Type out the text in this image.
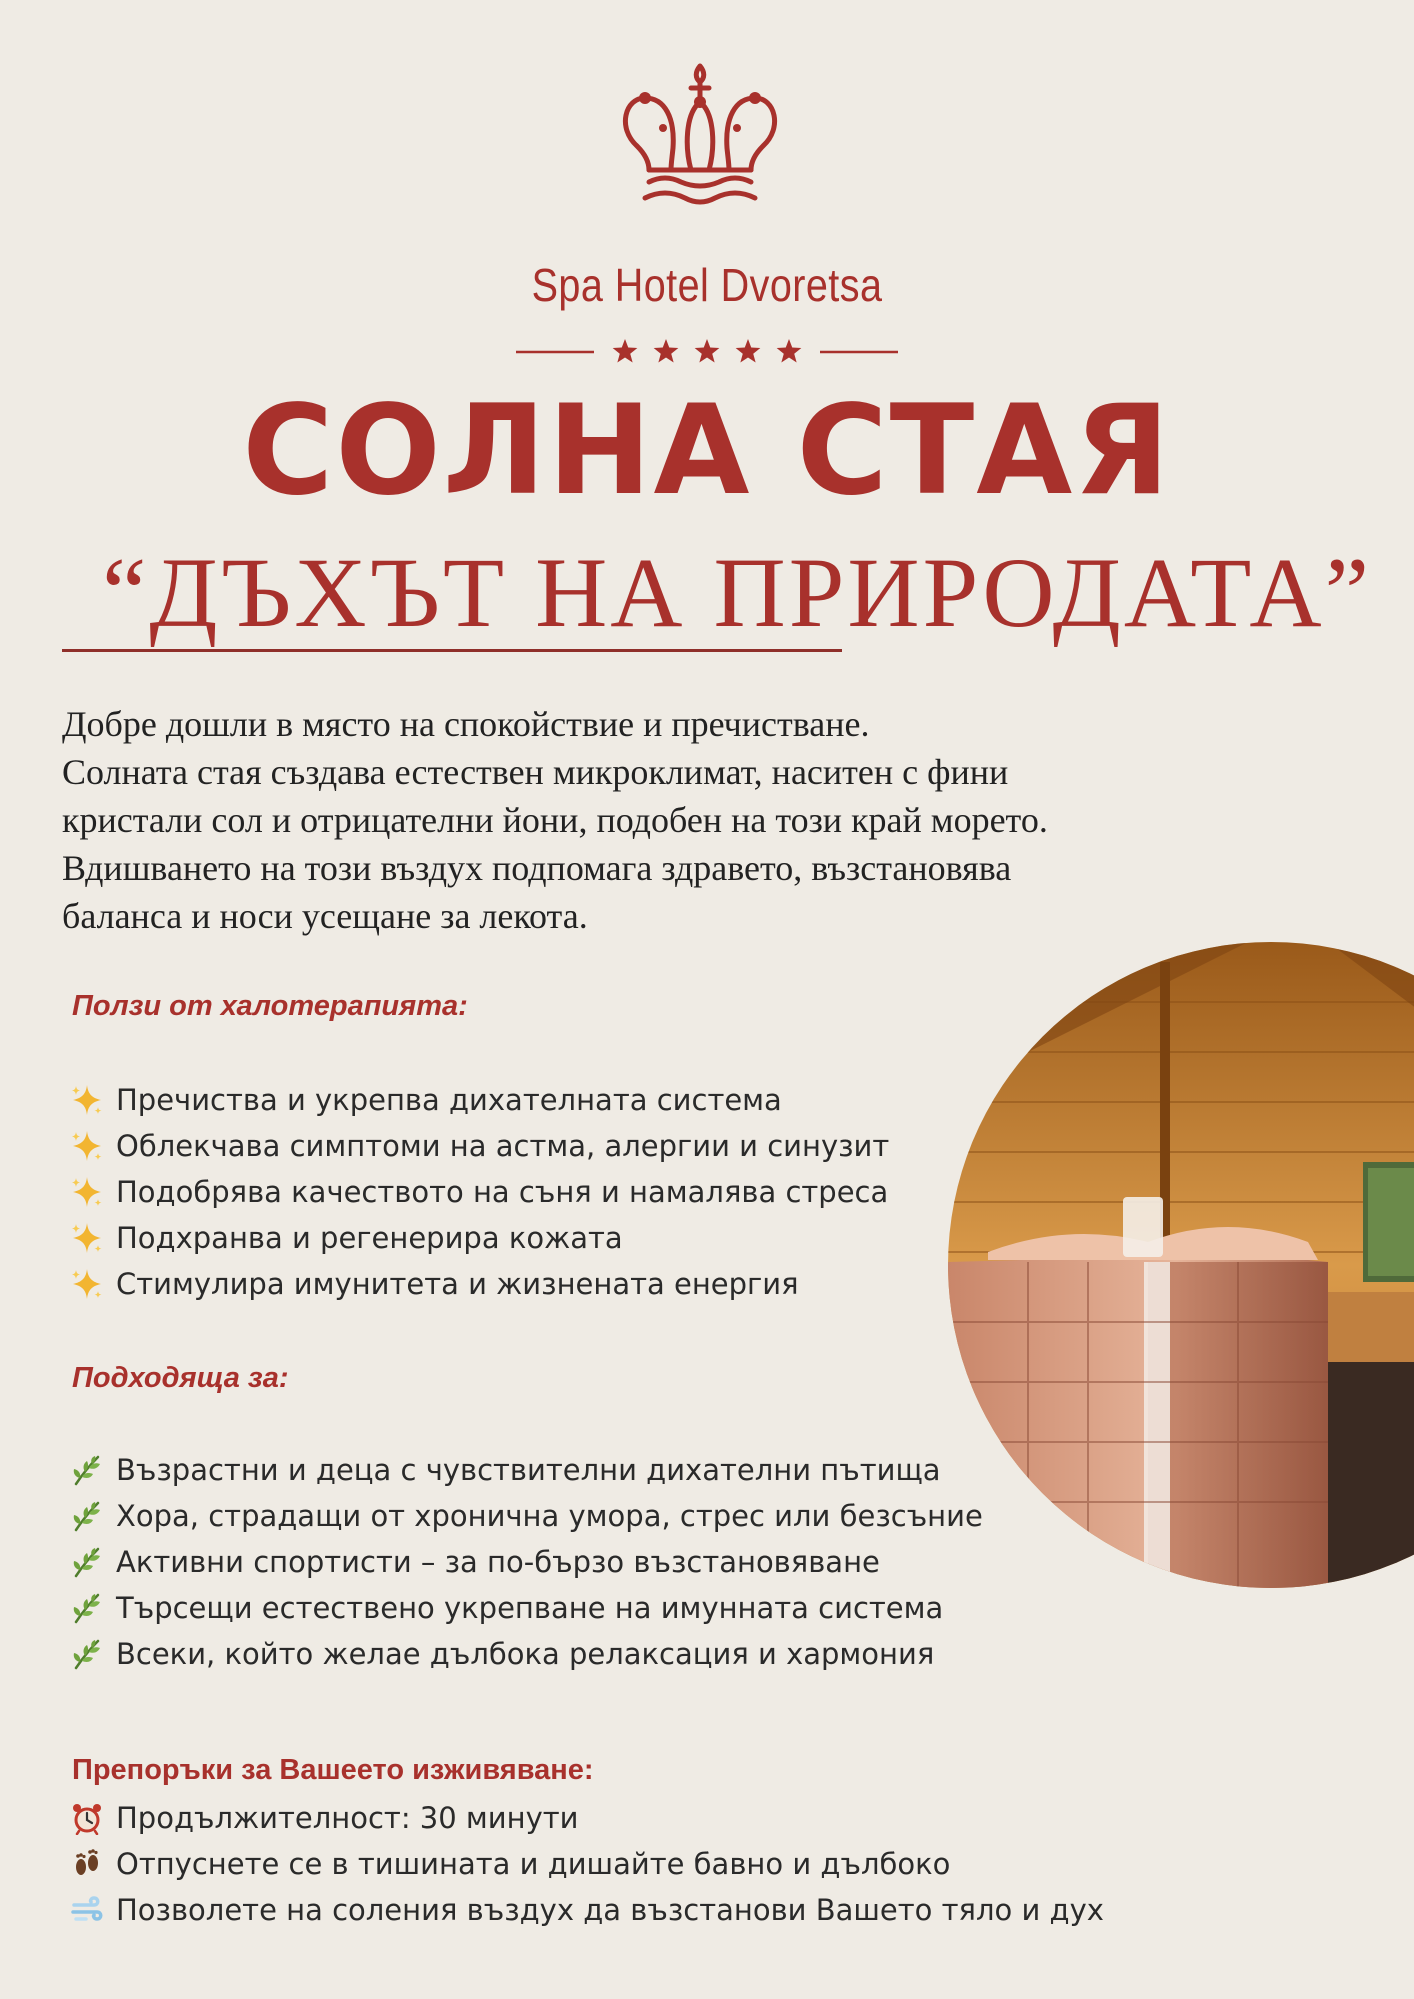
Spa Hotel Dvoretsa
СОЛНА СТАЯ
“ДЪХЪТ НА ПРИРОДАТА”

Добре дошли в място на спокойствие и пречистване.

Солната стая създава естествен микроклимат, наситен с фини

кристали сол и отрицателни йони, подобен на този край морето.

Вдишването на този въздух подпомага здравето, възстановява

баланса и носи усещане за лекота.

Ползи от халотерапията:
Пречиства и укрепва дихателната система
Облекчава симптоми на астма, алергии и синузит
Подобрява качеството на съня и намалява стреса
Подхранва и регенерира кожата
Стимулира имунитета и жизнената енергия
Подходяща за:
Възрастни и деца с чувствителни дихателни пътища
Хора, страдащи от хронична умора, стрес или безсъние
Активни спортисти – за по-бързо възстановяване
Търсещи естествено укрепване на имунната система
Всеки, който желае дълбока релаксация и хармония
Препоръки за Вашеето изживяване:
Продължителност: 30 минути
Отпуснете се в тишината и дишайте бавно и дълбоко
Позволете на соления въздух да възстанови Вашето тяло и дух
